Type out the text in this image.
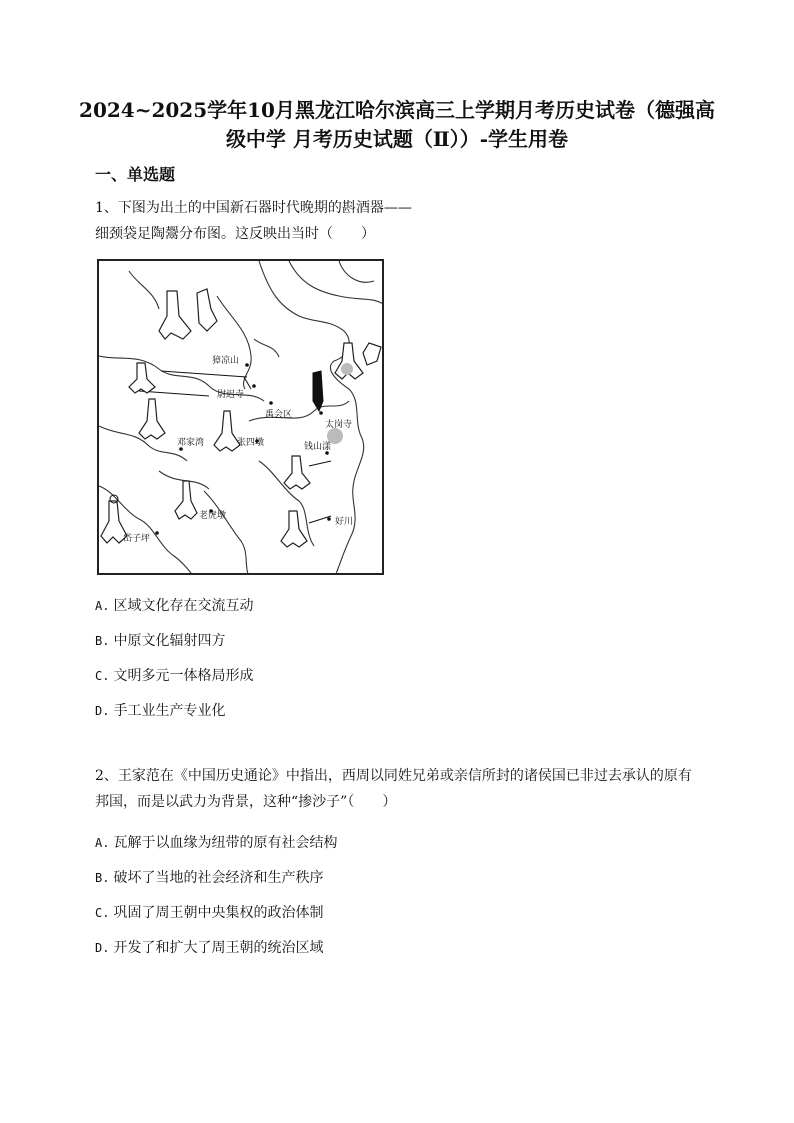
2024~2025学年10月黑龙江哈尔滨高三上学期月考历史试卷（德强高
级中学 月考历史试题（Ⅱ））-学生用卷
一、单选题
1、下图为出土的中国新石器时代晚期的斟酒器——
细颈袋足陶鬶分布图。这反映出当时（　　）
獐凉山
尉迟寺
禹会区
太岗寺
邓家湾	张四墩	钱山漾
老虎墩
好川
岱子坪
A. 区域文化存在交流互动
B. 中原文化辐射四方
C. 文明多元一体格局形成
D. 手工业生产专业化
2、王家范在《中国历史通论》中指出，西周以同姓兄弟或亲信所封的诸侯国已非过去承认的原有
邦国，而是以武力为背景，这种“掺沙子”（　　）
A. 瓦解于以血缘为纽带的原有社会结构
B. 破坏了当地的社会经济和生产秩序
C. 巩固了周王朝中央集权的政治体制
D. 开发了和扩大了周王朝的统治区域
